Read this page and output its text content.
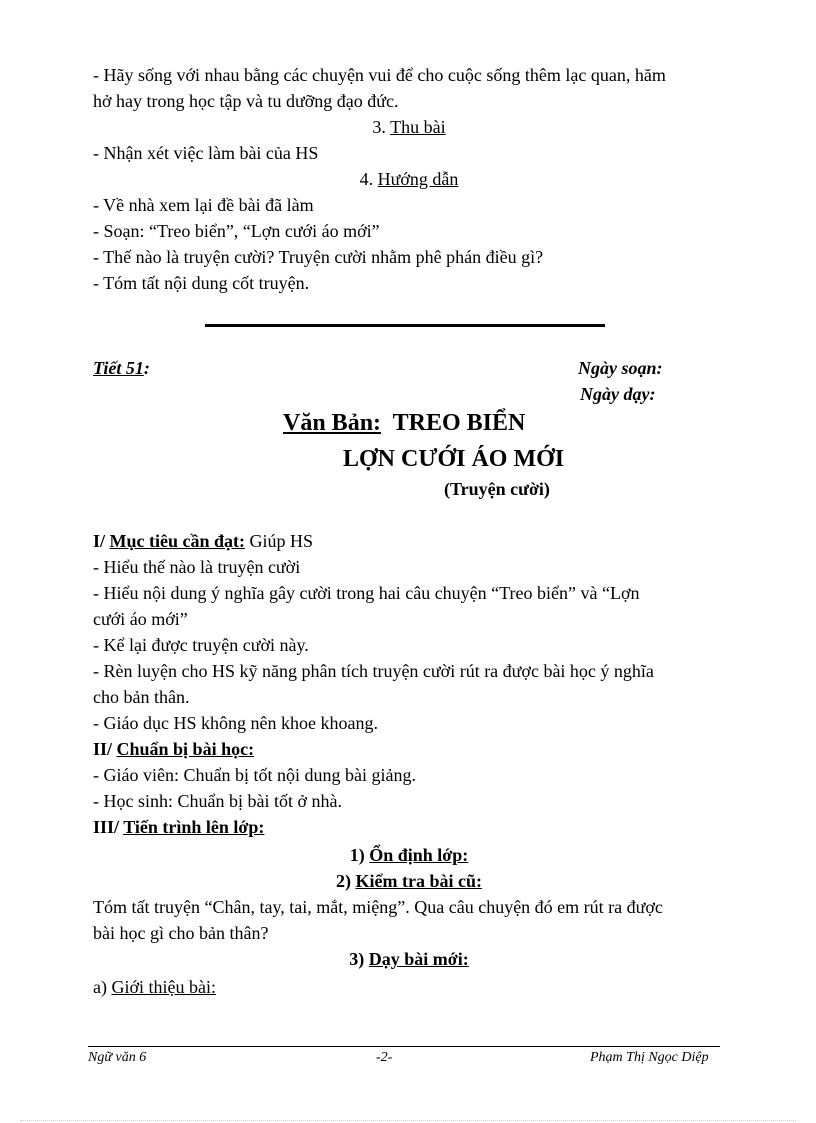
- Hãy sống với nhau bằng các chuyện vui để cho cuộc sống thêm lạc quan, hăm
hở hay trong học tập và tu dưỡng đạo đức.
3. Thu bài
- Nhận xét việc làm bài của HS
4. Hướng dẫn
- Về nhà xem lại đề bài đã làm
- Soạn: “Treo biển”, “Lợn cưới áo mới”
- Thế nào là truyện cười? Truyện cười nhằm phê phán điều gì?
- Tóm tất nội dung cốt truyện.
Tiết 51:	Ngày soạn:
Ngày dạy:
Văn Bản: TREO BIỂN
LỢN CƯỚI ÁO MỚI
(Truyện cười)
I/ Mục tiêu cần đạt: Giúp HS
- Hiểu thế nào là truyện cười
- Hiểu nội dung ý nghĩa gây cười trong hai câu chuyện “Treo biển” và “Lợn
cưới áo mới”
- Kể lại được truyện cười này.
- Rèn luyện cho HS kỹ năng phân tích truyện cười rút ra được bài học ý nghĩa
cho bản thân.
- Giáo dục HS không nên khoe khoang.
II/ Chuẩn bị bài học:
- Giáo viên: Chuẩn bị tốt nội dung bài giảng.
- Học sinh: Chuẩn bị bài tốt ở nhà.
III/ Tiến trình lên lớp:
1) Ổn định lớp:
2) Kiểm tra bài cũ:
Tóm tất truyện “Chân, tay, tai, mắt, miệng”. Qua câu chuyện đó em rút ra được
bài học gì cho bản thân?
3) Dạy bài mới:
a) Giới thiệu bài:
Ngữ văn 6	-2-	Phạm Thị Ngọc Diệp
